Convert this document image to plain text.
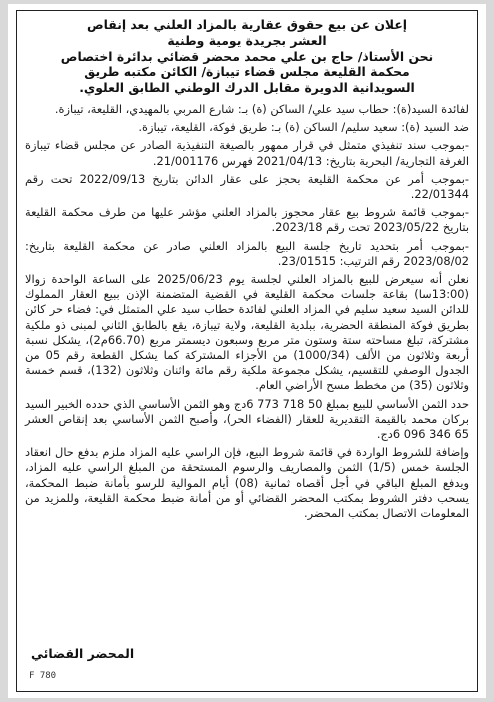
إعلان عن بيع حقوق عقارية بالمزاد العلني بعد إنقاص
العشر بجريدة يومية وطنية
نحن الأستاذ/ حاج بن علي محمد محضر قضائي بدائرة اختصاص
محكمة القليعة مجلس قضاء تيبازة/ الكائن مكتبه طريق
السويدانية الدويرة مقابل الدرك الوطني الطابق العلوي.

لفائدة السيد(ة): حطاب سيد علي/ الساكن (ة) بـ: شارع المربي بالمهيدي، القليعة، تيبازة.

ضد السيد (ة): سعيد سليم/ الساكن (ة) بـ: طريق فوكة، القليعة، تيبازة.

-بموجب سند تنفيذي متمثل في قرار ممهور بالصيغة التنفيذية الصادر عن مجلس قضاء تيبازة الغرفة التجارية/ البحرية بتاريخ: 2021/04/13 فهرس 21/001176.

-بموجب أمر عن محكمة القليعة بحجز على عقار الدائن بتاريخ 2022/09/13 تحت رقم 22/01344.

-بموجب قائمة شروط بيع عقار محجوز بالمزاد العلني مؤشر عليها من طرف محكمة القليعة بتاريخ 2023/05/22 تحت رقم 2023/18.

-بموجب أمر بتحديد تاريخ جلسة البيع بالمزاد العلني صادر عن محكمة القليعة بتاريخ: 2023/08/02 رقم الترتيب: 23/01515.

نعلن أنه سيعرض للبيع بالمزاد العلني لجلسة يوم 2025/06/23 على الساعة الواحدة زوالا (13:00سا) بقاعة جلسات محكمة القليعة في القضية المتضمنة الإذن ببيع العقار المملوك للدائن السيد سعيد سليم في المزاد العلني لفائدة حطاب سيد علي المتمثل في: فضاء حر كائن بطريق فوكة المنطقة الحضرية، ببلدية القليعة، ولاية تيبازة، يقع بالطابق الثاني لمبنى ذو ملكية مشتركة، تبلغ مساحته ستة وستون متر مربع وسبعون ديسمتر مربع (66.70م2)، يشكل نسبة أربعة وثلاثون من الألف (1000/34) من الأجزاء المشتركة كما يشكل القطعة رقم 05 من الجدول الوصفي للتقسيم، يشكل مجموعة ملكية رقم مائة واثنان وثلاثون (132)، قسم خمسة وثلاثون (35) من مخطط مسح الأراضي العام.

حدد الثمن الأساسي للبيع بمبلغ 50 718 773 6دج وهو الثمن الأساسي الذي حدده الخبير السيد بركان محمد بالقيمة التقديرية للعقار (الفضاء الحر)، وأصبح الثمن الأساسي بعد إنقاص العشر 65 346 096 6دج.

وإضافة للشروط الواردة في قائمة شروط البيع، فإن الراسي عليه المزاد ملزم بدفع حال انعقاد الجلسة خمس (1/5) الثمن والمصاريف والرسوم المستحقة من المبلغ الراسي عليه المزاد، ويدفع المبلغ الباقي في أجل أقصاه ثمانية (08) أيام الموالية للرسو بأمانة ضبط المحكمة، يسحب دفتر الشروط بمكتب المحضر القضائي أو من أمانة ضبط محكمة القليعة، وللمزيد من المعلومات الاتصال بمكتب المحضر.

المحضر القضائي
F 780
